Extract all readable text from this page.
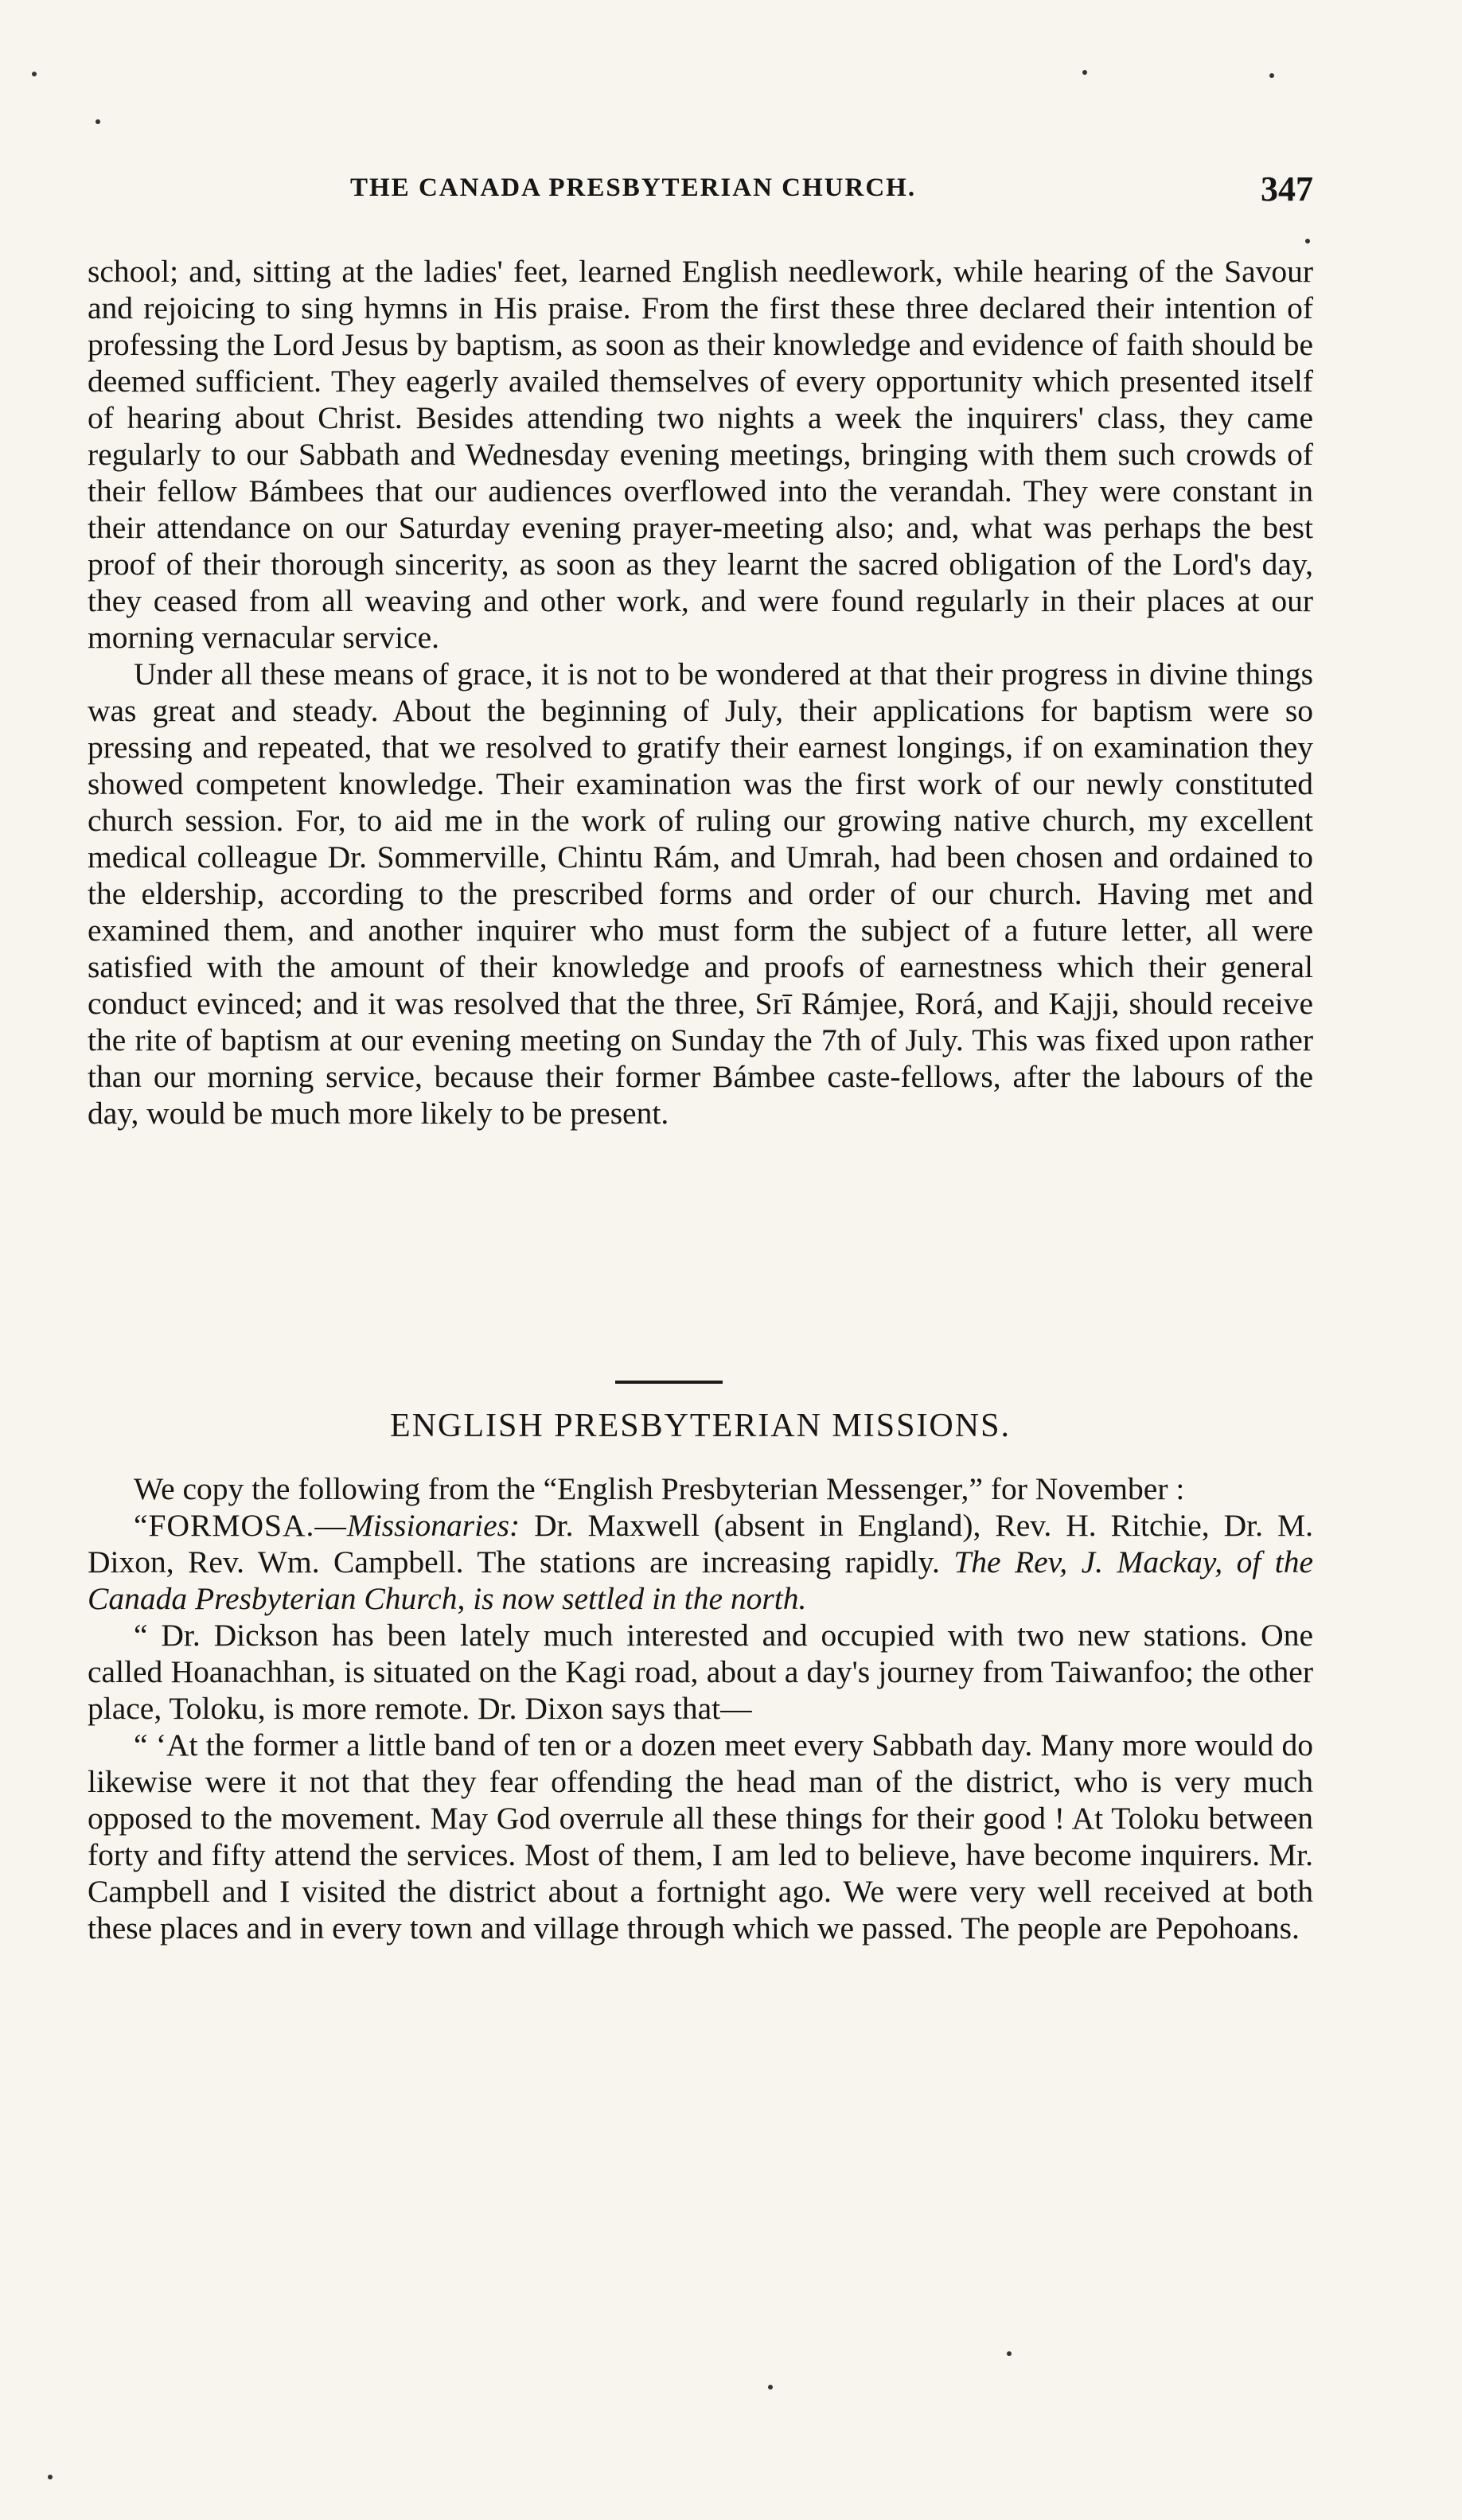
THE CANADA PRESBYTERIAN CHURCH.	347

school; and, sitting at the ladies' feet, learned English needlework, while hearing of the Savour and rejoicing to sing hymns in His praise. From the first these three declared their intention of professing the Lord Jesus by baptism, as soon as their knowledge and evidence of faith should be deemed sufficient. They eagerly availed themselves of every opportunity which presented itself of hearing about Christ. Besides attending two nights a week the inquirers' class, they came regularly to our Sabbath and Wednesday evening meetings, bringing with them such crowds of their fellow Bámbees that our audiences overflowed into the verandah. They were constant in their attendance on our Saturday evening prayer-meeting also; and, what was perhaps the best proof of their thorough sincerity, as soon as they learnt the sacred obligation of the Lord's day, they ceased from all weaving and other work, and were found regularly in their places at our morning vernacular service.

Under all these means of grace, it is not to be wondered at that their progress in divine things was great and steady. About the beginning of July, their applications for baptism were so pressing and repeated, that we resolved to gratify their earnest longings, if on examination they showed competent knowledge. Their examination was the first work of our newly constituted church session. For, to aid me in the work of ruling our growing native church, my excellent medical colleague Dr. Sommerville, Chintu Rám, and Umrah, had been chosen and ordained to the eldership, according to the prescribed forms and order of our church. Having met and examined them, and another inquirer who must form the subject of a future letter, all were satisfied with the amount of their knowledge and proofs of earnestness which their general conduct evinced; and it was resolved that the three, Srī Rámjee, Rorá, and Kajji, should receive the rite of baptism at our evening meeting on Sunday the 7th of July. This was fixed upon rather than our morning service, because their former Bámbee caste-fellows, after the labours of the day, would be much more likely to be present.

ENGLISH PRESBYTERIAN MISSIONS.

We copy the following from the “English Presbyterian Messenger,” for November :

“FORMOSA.—Missionaries: Dr. Maxwell (absent in England), Rev. H. Ritchie, Dr. M. Dixon, Rev. Wm. Campbell. The stations are increasing rapidly. The Rev, J. Mackay, of the Canada Presbyterian Church, is now settled in the north.

“ Dr. Dickson has been lately much interested and occupied with two new stations. One called Hoanachhan, is situated on the Kagi road, about a day's journey from Taiwanfoo; the other place, Toloku, is more remote. Dr. Dixon says that—

“ ‘At the former a little band of ten or a dozen meet every Sabbath day. Many more would do likewise were it not that they fear offending the head man of the district, who is very much opposed to the movement. May God overrule all these things for their good ! At Toloku between forty and fifty attend the services. Most of them, I am led to believe, have become inquirers. Mr. Campbell and I visited the district about a fortnight ago. We were very well received at both these places and in every town and village through which we passed. The people are Pepohoans.
